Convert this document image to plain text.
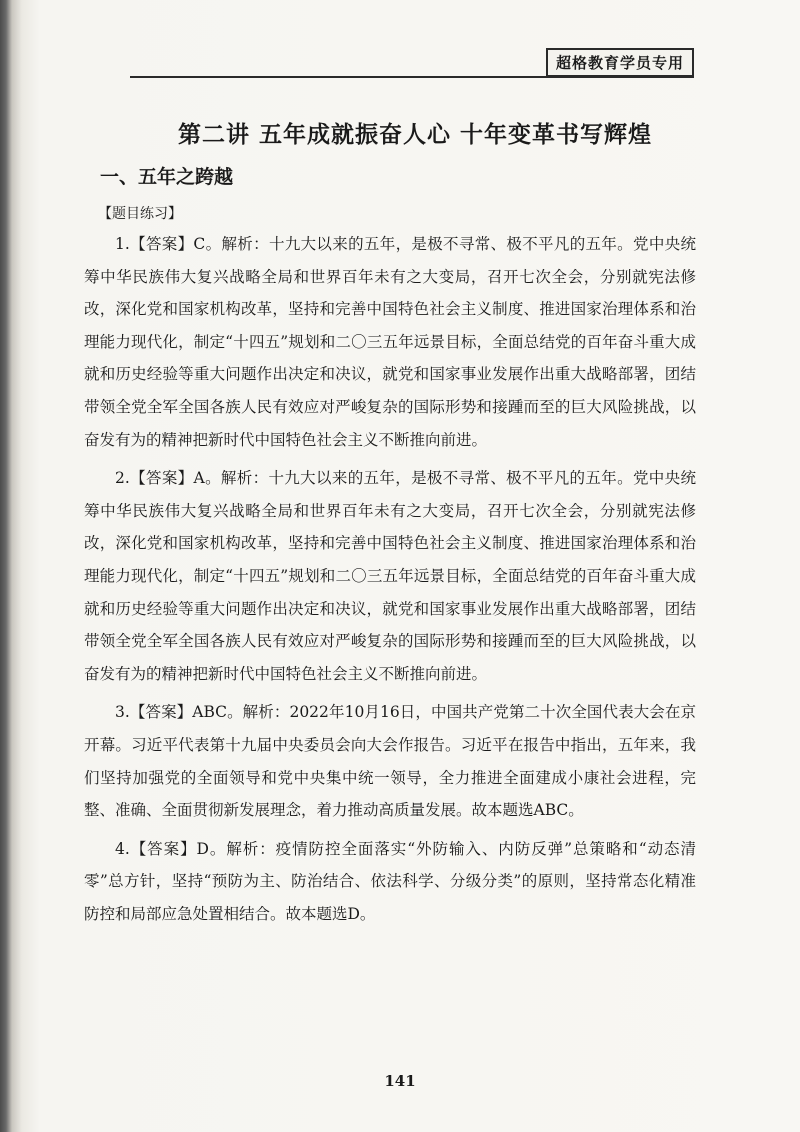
超格教育学员专用
第二讲 五年成就振奋人心 十年变革书写辉煌
一、五年之跨越
【题目练习】

1.【答案】C。解析：十九大以来的五年，是极不寻常、极不平凡的五年。党中央统筹中华民族伟大复兴战略全局和世界百年未有之大变局，召开七次全会，分别就宪法修改，深化党和国家机构改革，坚持和完善中国特色社会主义制度、推进国家治理体系和治理能力现代化，制定“十四五”规划和二〇三五年远景目标，全面总结党的百年奋斗重大成就和历史经验等重大问题作出决定和决议，就党和国家事业发展作出重大战略部署，团结带领全党全军全国各族人民有效应对严峻复杂的国际形势和接踵而至的巨大风险挑战，以奋发有为的精神把新时代中国特色社会主义不断推向前进。

2.【答案】A。解析：十九大以来的五年，是极不寻常、极不平凡的五年。党中央统筹中华民族伟大复兴战略全局和世界百年未有之大变局，召开七次全会，分别就宪法修改，深化党和国家机构改革，坚持和完善中国特色社会主义制度、推进国家治理体系和治理能力现代化，制定“十四五”规划和二〇三五年远景目标，全面总结党的百年奋斗重大成就和历史经验等重大问题作出决定和决议，就党和国家事业发展作出重大战略部署，团结带领全党全军全国各族人民有效应对严峻复杂的国际形势和接踵而至的巨大风险挑战，以奋发有为的精神把新时代中国特色社会主义不断推向前进。

3.【答案】ABC。解析：2022年10月16日，中国共产党第二十次全国代表大会在京开幕。习近平代表第十九届中央委员会向大会作报告。习近平在报告中指出，五年来，我们坚持加强党的全面领导和党中央集中统一领导，全力推进全面建成小康社会进程，完整、准确、全面贯彻新发展理念，着力推动高质量发展。故本题选ABC。

4.【答案】D。解析：疫情防控全面落实“外防输入、内防反弹”总策略和“动态清零”总方针，坚持“预防为主、防治结合、依法科学、分级分类”的原则，坚持常态化精准防控和局部应急处置相结合。故本题选D。

141
